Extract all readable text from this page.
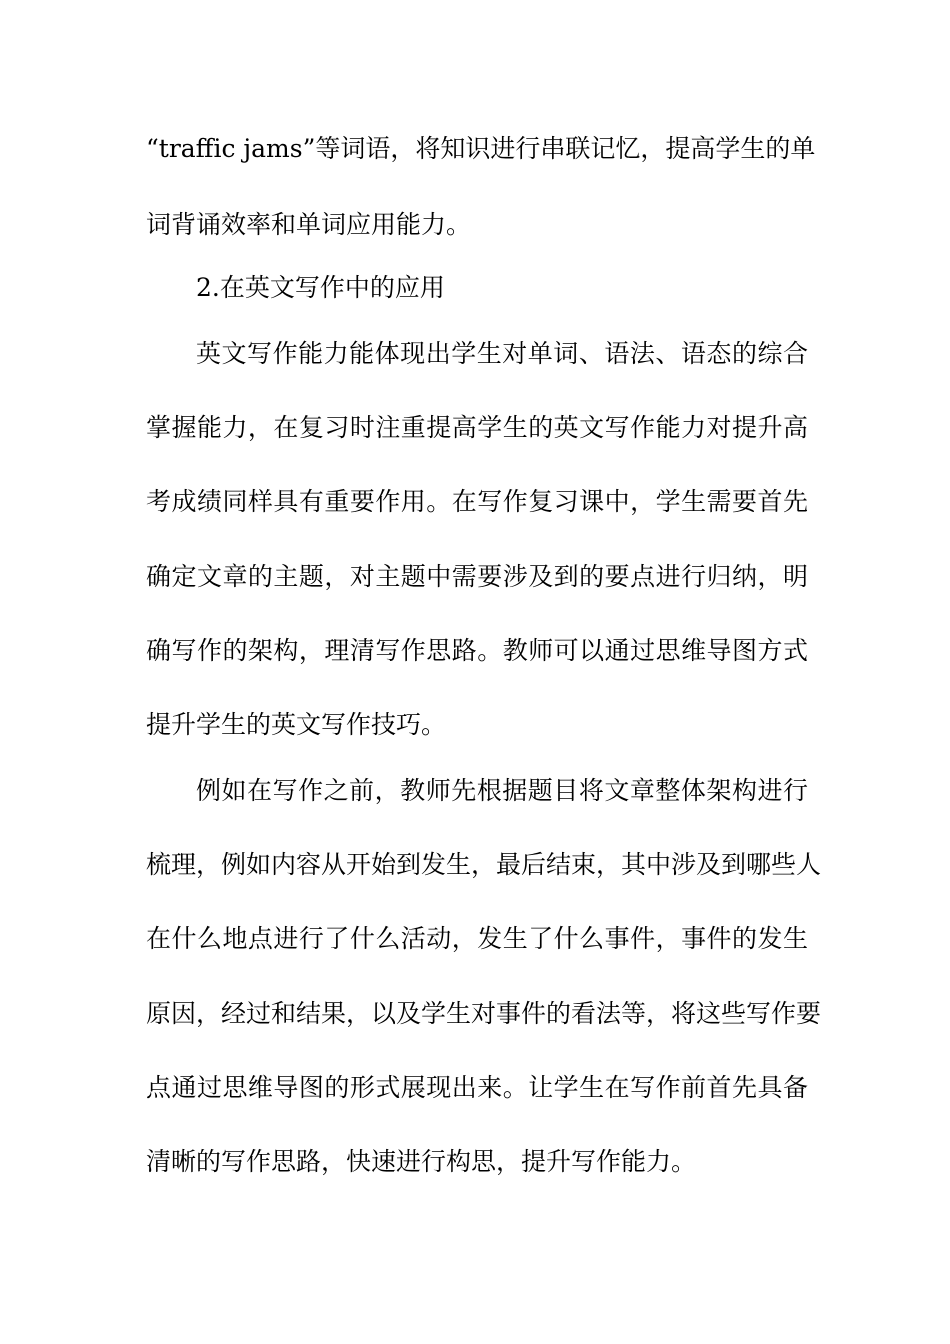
“traffic jams”等词语，将知识进行串联记忆，提高学生的单
词背诵效率和单词应用能力。
2.在英文写作中的应用
英文写作能力能体现出学生对单词、语法、语态的综合
掌握能力，在复习时注重提高学生的英文写作能力对提升高
考成绩同样具有重要作用。在写作复习课中，学生需要首先
确定文章的主题，对主题中需要涉及到的要点进行归纳，明
确写作的架构，理清写作思路。教师可以通过思维导图方式
提升学生的英文写作技巧。
例如在写作之前，教师先根据题目将文章整体架构进行
梳理，例如内容从开始到发生，最后结束，其中涉及到哪些人
在什么地点进行了什么活动，发生了什么事件，事件的发生
原因，经过和结果，以及学生对事件的看法等，将这些写作要
点通过思维导图的形式展现出来。让学生在写作前首先具备
清晰的写作思路，快速进行构思，提升写作能力。
